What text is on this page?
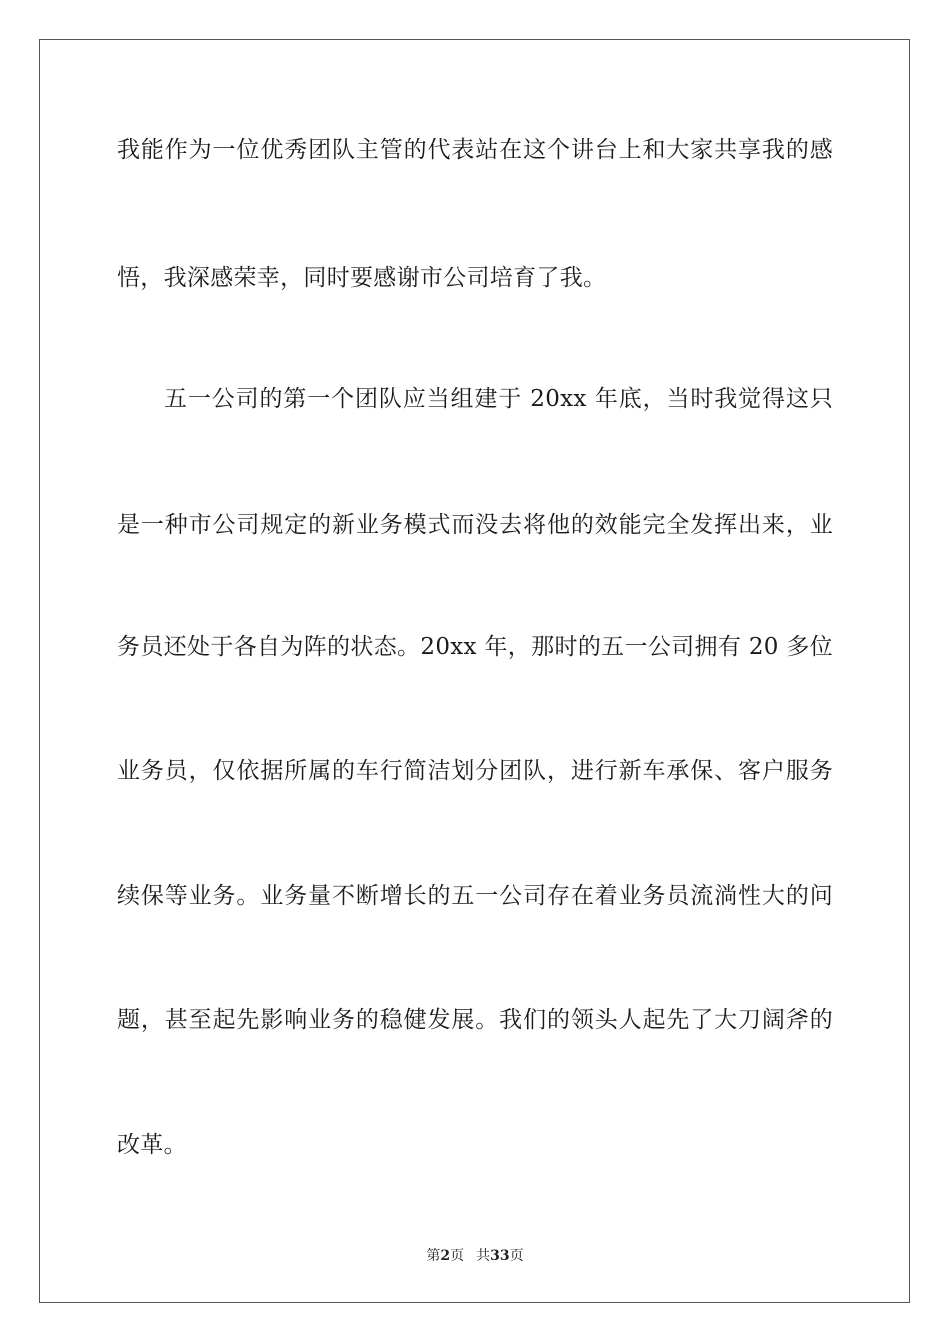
我能作为一位优秀团队主管的代表站在这个讲台上和大家共享我的感

悟，我深感荣幸，同时要感谢市公司培育了我。

五一公司的第一个团队应当组建于 20xx 年底，当时我觉得这只

是一种市公司规定的新业务模式而没去将他的效能完全发挥出来，业

务员还处于各自为阵的状态。20xx 年，那时的五一公司拥有 20 多位

业务员，仅依据所属的车行简洁划分团队，进行新车承保、客户服务

续保等业务。业务量不断增长的五一公司存在着业务员流淌性大的问

题，甚至起先影响业务的稳健发展。我们的领头人起先了大刀阔斧的

改革。

第2页 共33页
